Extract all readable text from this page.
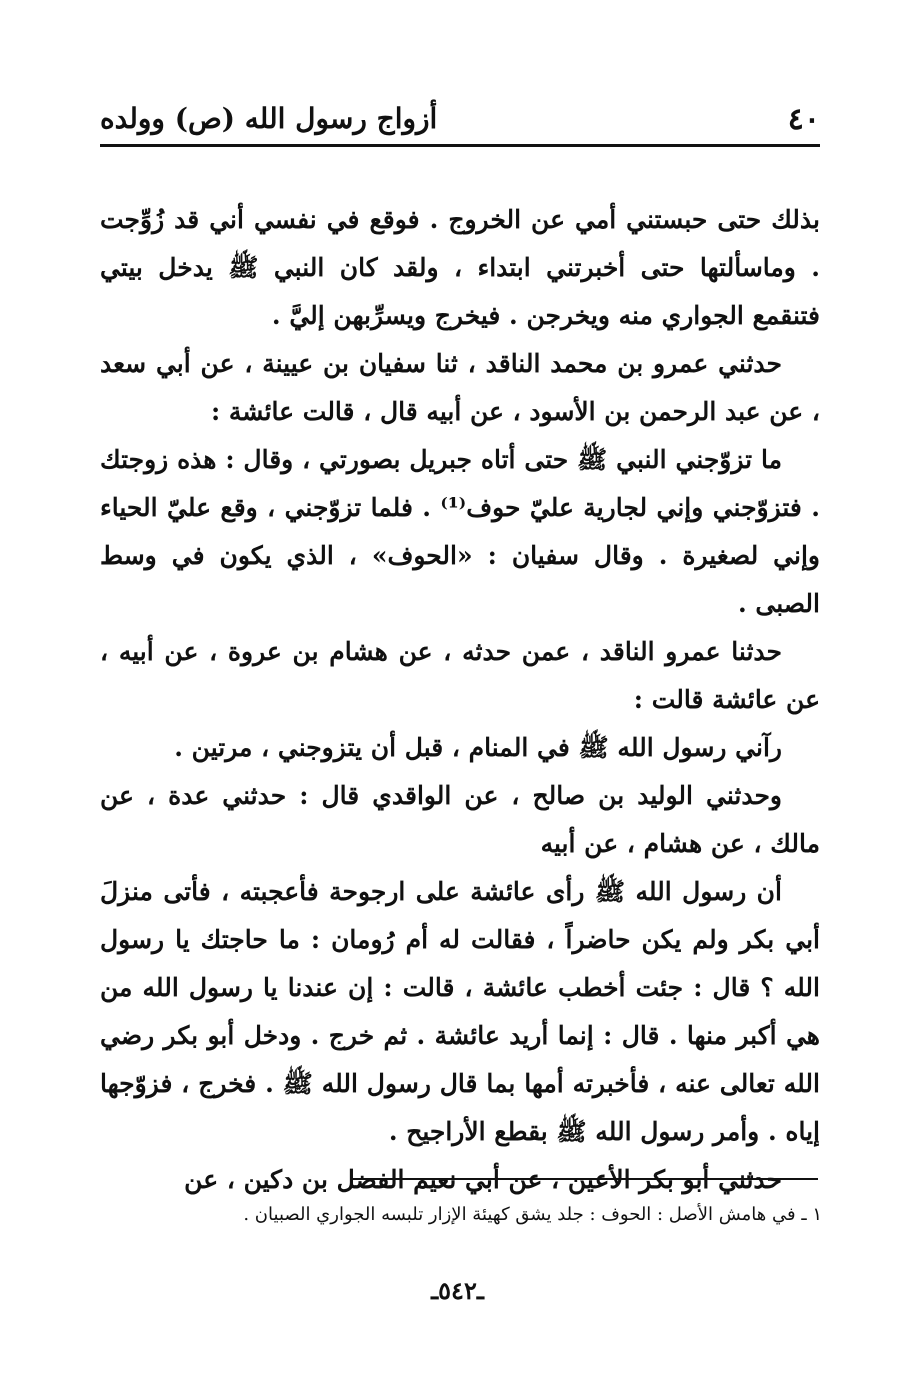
٤٠
أزواج رسول الله (ص) وولده

بذلك حتى حبستني أمي عن الخروج . فوقع في نفسي أني قد زُوِّجت . وماسألتها حتى أخبرتني ابتداء ، ولقد كان النبي ﷺ يدخل بيتي فتنقمع الجواري منه ويخرجن . فيخرج ويسرِّبهن إليَّ .

حدثني عمرو بن محمد الناقد ، ثنا سفيان بن عيينة ، عن أبي سعد ، عن عبد الرحمن بن الأسود ، عن أبيه قال ، قالت عائشة :

ما تزوّجني النبي ﷺ حتى أتاه جبريل بصورتي ، وقال : هذه زوجتك . فتزوّجني وإني لجارية عليّ حوف⁽¹⁾ . فلما تزوّجني ، وقع عليّ الحياء وإني لصغيرة . وقال سفيان : «الحوف» ، الذي يكون في وسط الصبى .

حدثنا عمرو الناقد ، عمن حدثه ، عن هشام بن عروة ، عن أبيه ، عن عائشة قالت :

رآني رسول الله ﷺ في المنام ، قبل أن يتزوجني ، مرتين .

وحدثني الوليد بن صالح ، عن الواقدي قال : حدثني عدة ، عن مالك ، عن هشام ، عن أبيه

أن رسول الله ﷺ رأى عائشة على ارجوحة فأعجبته ، فأتى منزلَ أبي بكر ولم يكن حاضراً ، فقالت له أم رُومان : ما حاجتك يا رسول الله ؟ قال : جئت أخطب عائشة ، قالت : إن عندنا يا رسول الله من هي أكبر منها . قال : إنما أريد عائشة . ثم خرج . ودخل أبو بكر رضي الله تعالى عنه ، فأخبرته أمها بما قال رسول الله ﷺ . فخرج ، فزوّجها إياه . وأمر رسول الله ﷺ بقطع الأراجيح .

حدثني أبو بكر الأعين ، عن أبي نعيم الفضل بن دكين ، عن

١ ـ في هامش الأصل : الحوف : جلد يشق كهيئة الإزار تلبسه الجواري الصبيان .
ـ٥٤٢ـ
